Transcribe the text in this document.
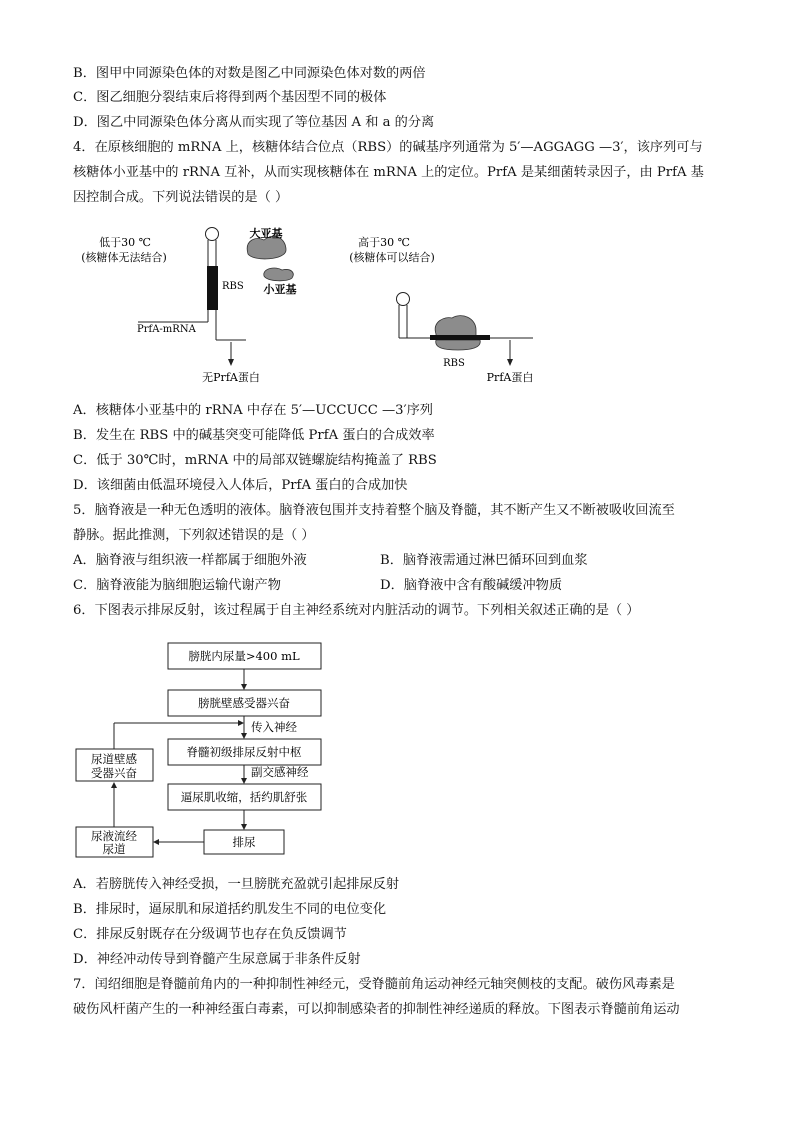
B．图甲中同源染色体的对数是图乙中同源染色体对数的两倍
C．图乙细胞分裂结束后将得到两个基因型不同的极体
D．图乙中同源染色体分离从而实现了等位基因 A 和 a 的分离
4．在原核细胞的 mRNA 上，核糖体结合位点（RBS）的碱基序列通常为 5′—AGGAGG —3′，该序列可与
核糖体小亚基中的 rRNA 互补，从而实现核糖体在 mRNA 上的定位。PrfA 是某细菌转录因子，由 PrfA 基
因控制合成。下列说法错误的是（ ）
低于30 ℃
(核糖体无法结合)
RBS
PrfA-mRNA
大亚基
小亚基
无PrfA蛋白
高于30 ℃
(核糖体可以结合)
RBS
PrfA蛋白
膀胱内尿量>400 mL
膀胱壁感受器兴奋
传入神经
脊髓初级排尿反射中枢
副交感神经
逼尿肌收缩，括约肌舒张
排尿
尿液流经
尿道
尿道壁感
受器兴奋
A．核糖体小亚基中的 rRNA 中存在 5′—UCCUCC —3′序列
B．发生在 RBS 中的碱基突变可能降低 PrfA 蛋白的合成效率
C．低于 30℃时，mRNA 中的局部双链螺旋结构掩盖了 RBS
D．该细菌由低温环境侵入人体后，PrfA 蛋白的合成加快
5．脑脊液是一种无色透明的液体。脑脊液包围并支持着整个脑及脊髓，其不断产生又不断被吸收回流至
静脉。据此推测，下列叙述错误的是（ ）
A．脑脊液与组织液一样都属于细胞外液	B．脑脊液需通过淋巴循环回到血浆
C．脑脊液能为脑细胞运输代谢产物	D．脑脊液中含有酸碱缓冲物质
6．下图表示排尿反射，该过程属于自主神经系统对内脏活动的调节。下列相关叙述正确的是（ ）
A．若膀胱传入神经受损，一旦膀胱充盈就引起排尿反射
B．排尿时，逼尿肌和尿道括约肌发生不同的电位变化
C．排尿反射既存在分级调节也存在负反馈调节
D．神经冲动传导到脊髓产生尿意属于非条件反射
7．闰绍细胞是脊髓前角内的一种抑制性神经元，受脊髓前角运动神经元轴突侧枝的支配。破伤风毒素是
破伤风杆菌产生的一种神经蛋白毒素，可以抑制感染者的抑制性神经递质的释放。下图表示脊髓前角运动
